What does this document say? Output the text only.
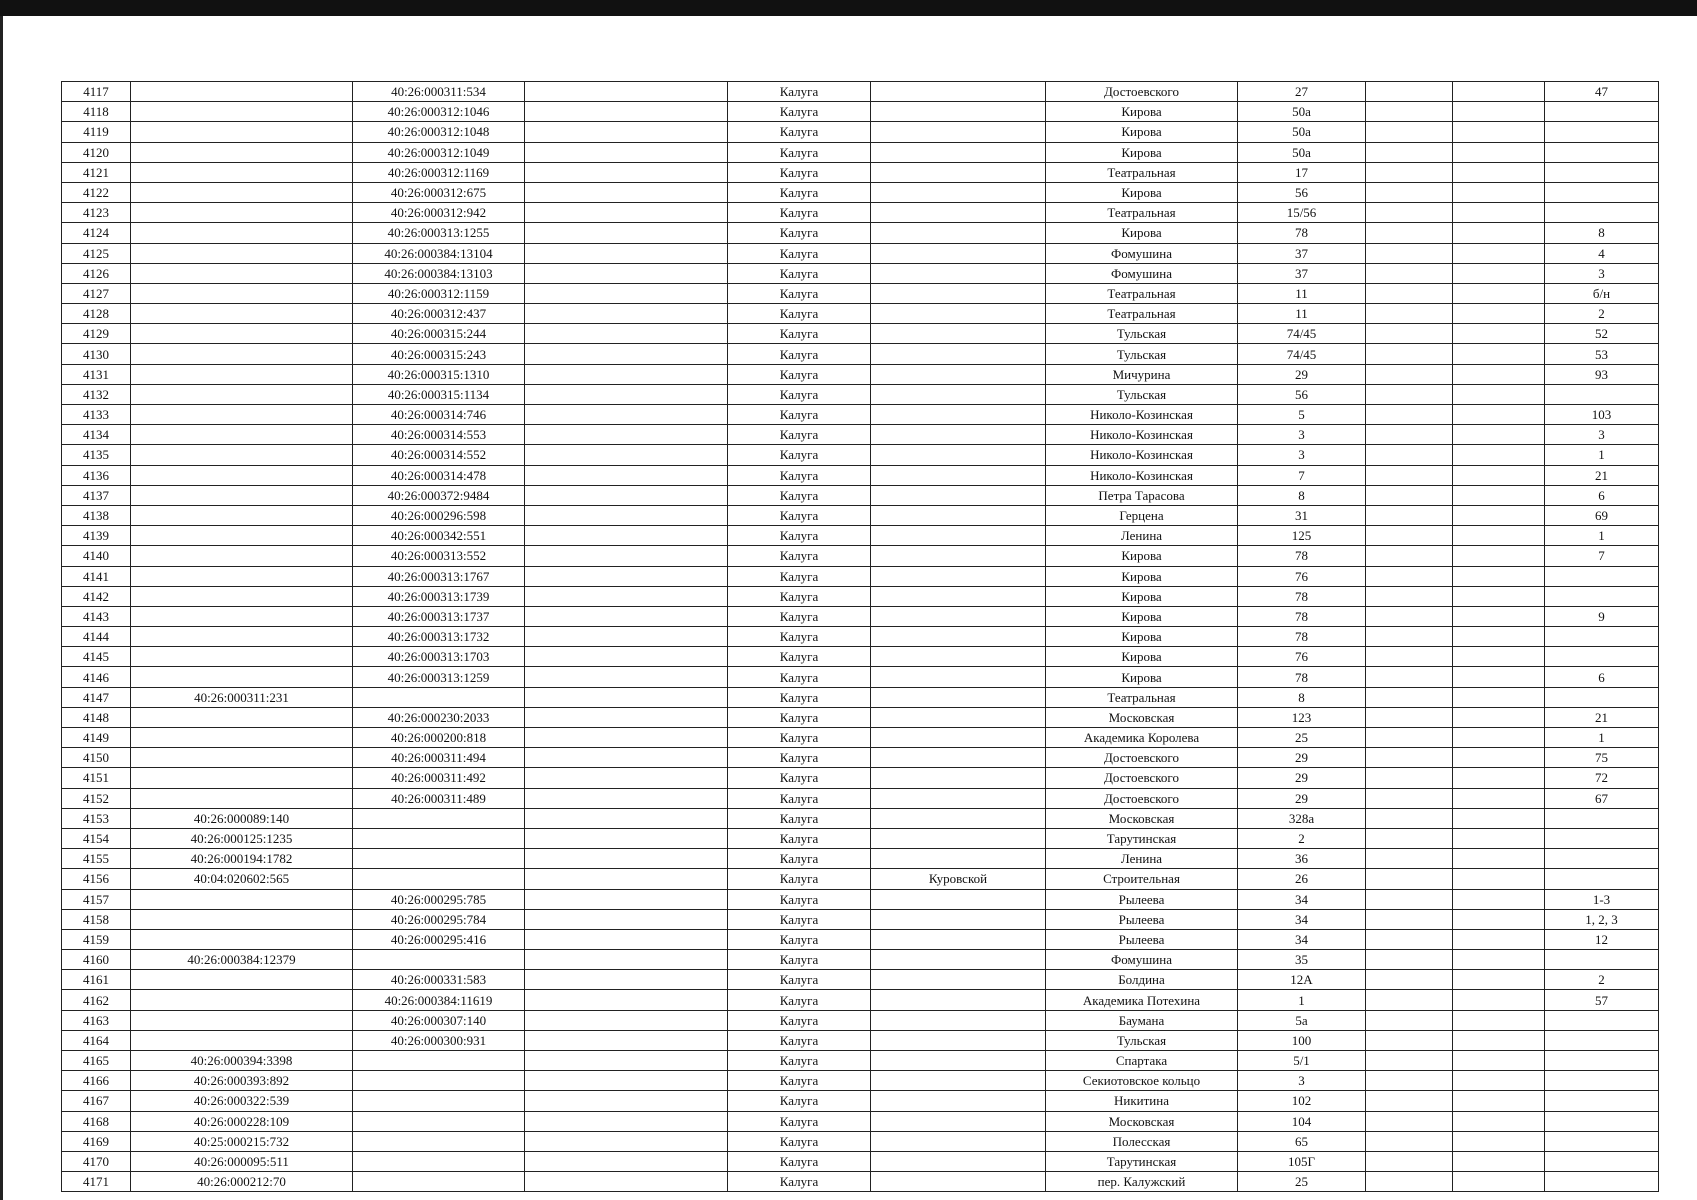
4117		40:26:000311:534		Калуга		Достоевского	27			47
4118		40:26:000312:1046		Калуга		Кирова	50а			
4119		40:26:000312:1048		Калуга		Кирова	50а			
4120		40:26:000312:1049		Калуга		Кирова	50а			
4121		40:26:000312:1169		Калуга		Театральная	17			
4122		40:26:000312:675		Калуга		Кирова	56			
4123		40:26:000312:942		Калуга		Театральная	15/56			
4124		40:26:000313:1255		Калуга		Кирова	78			8
4125		40:26:000384:13104		Калуга		Фомушина	37			4
4126		40:26:000384:13103		Калуга		Фомушина	37			3
4127		40:26:000312:1159		Калуга		Театральная	11			б/н
4128		40:26:000312:437		Калуга		Театральная	11			2
4129		40:26:000315:244		Калуга		Тульская	74/45			52
4130		40:26:000315:243		Калуга		Тульская	74/45			53
4131		40:26:000315:1310		Калуга		Мичурина	29			93
4132		40:26:000315:1134		Калуга		Тульская	56			
4133		40:26:000314:746		Калуга		Николо-Козинская	5			103
4134		40:26:000314:553		Калуга		Николо-Козинская	3			3
4135		40:26:000314:552		Калуга		Николо-Козинская	3			1
4136		40:26:000314:478		Калуга		Николо-Козинская	7			21
4137		40:26:000372:9484		Калуга		Петра Тарасова	8			6
4138		40:26:000296:598		Калуга		Герцена	31			69
4139		40:26:000342:551		Калуга		Ленина	125			1
4140		40:26:000313:552		Калуга		Кирова	78			7
4141		40:26:000313:1767		Калуга		Кирова	76			
4142		40:26:000313:1739		Калуга		Кирова	78			
4143		40:26:000313:1737		Калуга		Кирова	78			9
4144		40:26:000313:1732		Калуга		Кирова	78			
4145		40:26:000313:1703		Калуга		Кирова	76			
4146		40:26:000313:1259		Калуга		Кирова	78			6
4147	40:26:000311:231			Калуга		Театральная	8			
4148		40:26:000230:2033		Калуга		Московская	123			21
4149		40:26:000200:818		Калуга		Академика Королева	25			1
4150		40:26:000311:494		Калуга		Достоевского	29			75
4151		40:26:000311:492		Калуга		Достоевского	29			72
4152		40:26:000311:489		Калуга		Достоевского	29			67
4153	40:26:000089:140			Калуга		Московская	328а			
4154	40:26:000125:1235			Калуга		Тарутинская	2			
4155	40:26:000194:1782			Калуга		Ленина	36			
4156	40:04:020602:565			Калуга	Куровской	Строительная	26			
4157		40:26:000295:785		Калуга		Рылеева	34			1-3
4158		40:26:000295:784		Калуга		Рылеева	34			1, 2, 3
4159		40:26:000295:416		Калуга		Рылеева	34			12
4160	40:26:000384:12379			Калуга		Фомушина	35			
4161		40:26:000331:583		Калуга		Болдина	12А			2
4162		40:26:000384:11619		Калуга		Академика Потехина	1			57
4163		40:26:000307:140		Калуга		Баумана	5а			
4164		40:26:000300:931		Калуга		Тульская	100			
4165	40:26:000394:3398			Калуга		Спартака	5/1			
4166	40:26:000393:892			Калуга		Секиотовское кольцо	3			
4167	40:26:000322:539			Калуга		Никитина	102			
4168	40:26:000228:109			Калуга		Московская	104			
4169	40:25:000215:732			Калуга		Полесская	65			
4170	40:26:000095:511			Калуга		Тарутинская	105Г			
4171	40:26:000212:70			Калуга		пер. Калужский	25			
